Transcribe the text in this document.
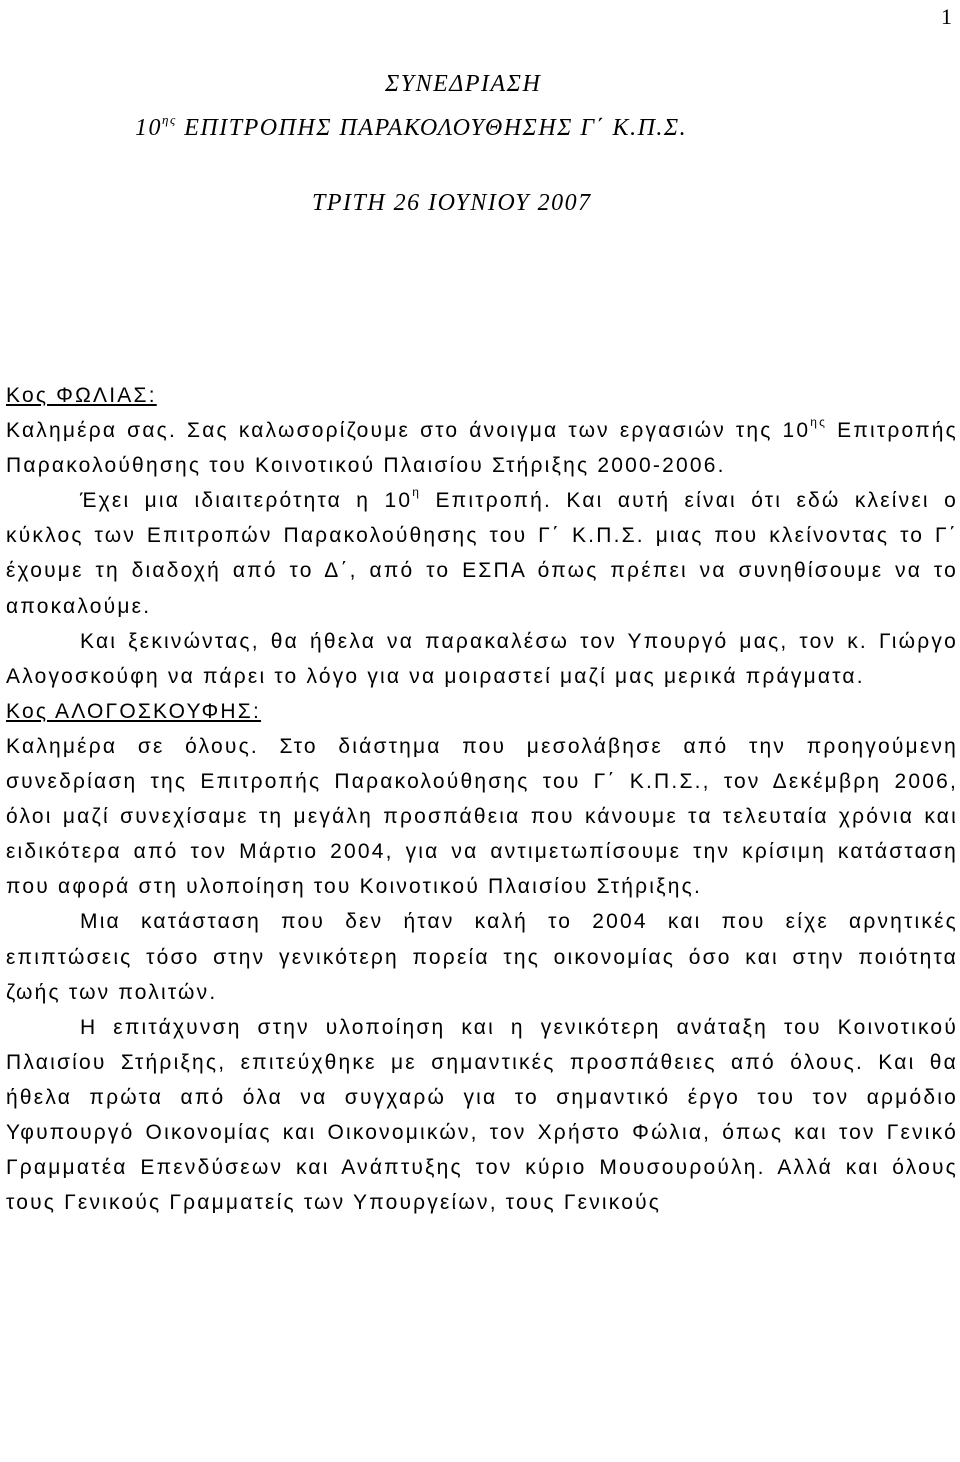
1
ΣΥΝΕΔΡΙΑΣΗ
$10^{\eta\varsigma}$ ΕΠΙΤΡΟΠΗΣ ΠΑΡΑΚΟΛΟΥΘΗΣΗΣ Γ΄ Κ.Π.Σ.
ΤΡΙΤΗ 26 ΙΟΥΝΙΟΥ 2007

Κος ΦΩΛΙΑΣ:

Καλημέρα σας. Σας καλωσορίζουμε στο άνοιγμα των εργασιών της $10^{\eta\varsigma}$ Επιτροπής Παρακολούθησης του Κοινοτικού Πλαισίου Στήριξης 2000-2006.

Έχει μια ιδιαιτερότητα η $10^\eta$ Επιτροπή. Και αυτή είναι ότι εδώ κλείνει ο κύκλος των Επιτροπών Παρακολούθησης του Γ΄ Κ.Π.Σ. μιας που κλείνοντας το Γ΄ έχουμε τη διαδοχή από το Δ΄, από το ΕΣΠΑ όπως πρέπει να συνηθίσουμε να το αποκαλούμε.

Και ξεκινώντας, θα ήθελα να παρακαλέσω τον Υπουργό μας, τον κ. Γιώργο Αλογοσκούφη να πάρει το λόγο για να μοιραστεί μαζί μας μερικά πράγματα.

Κος ΑΛΟΓΟΣΚΟΥΦΗΣ:

Καλημέρα σε όλους. Στο διάστημα που μεσολάβησε από την προηγούμενη συνεδρίαση της Επιτροπής Παρακολούθησης του Γ΄ Κ.Π.Σ., τον Δεκέμβρη 2006, όλοι μαζί συνεχίσαμε τη μεγάλη προσπάθεια που κάνουμε τα τελευταία χρόνια και ειδικότερα από τον Μάρτιο 2004, για να αντιμετωπίσουμε την κρίσιμη κατάσταση που αφορά στη υλοποίηση του Κοινοτικού Πλαισίου Στήριξης.

Μια κατάσταση που δεν ήταν καλή το 2004 και που είχε αρνητικές επιπτώσεις τόσο στην γενικότερη πορεία της οικονομίας όσο και στην ποιότητα ζωής των πολιτών.

Η επιτάχυνση στην υλοποίηση και η γενικότερη ανάταξη του Κοινοτικού Πλαισίου Στήριξης, επιτεύχθηκε με σημαντικές προσπάθειες από όλους. Και θα ήθελα πρώτα από όλα να συγχαρώ για το σημαντικό έργο του τον αρμόδιο Υφυπουργό Οικονομίας και Οικονομικών, τον Χρήστο Φώλια, όπως και τον Γενικό Γραμματέα Επενδύσεων και Ανάπτυξης τον κύριο Μουσουρούλη. Αλλά και όλους τους Γενικούς Γραμματείς των Υπουργείων, τους Γενικούς
